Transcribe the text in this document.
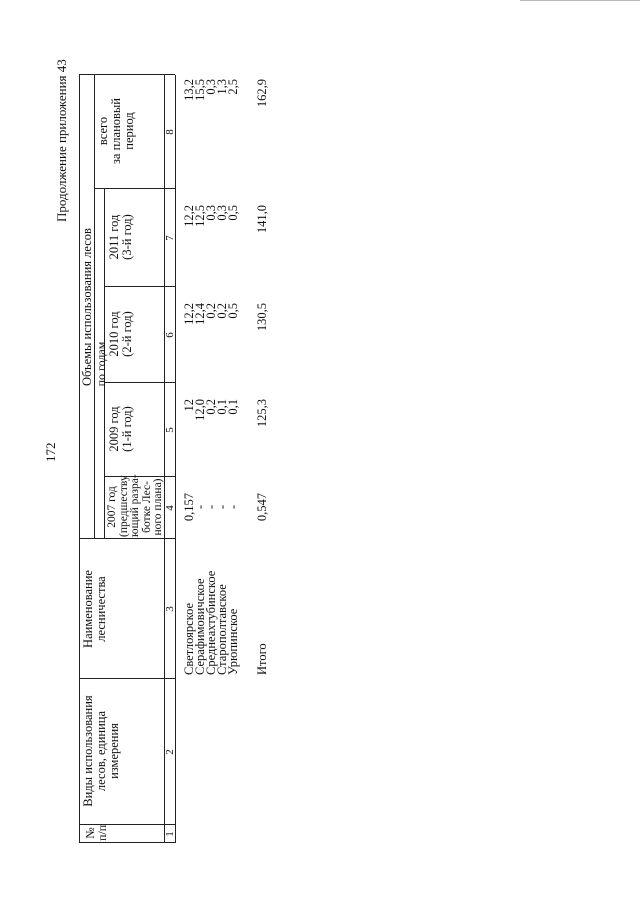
172
Продолжение приложения 43
№
п/п
Виды использования
лесов, единица
измерения
Наименование
лесничества
Объемы использования лесов по годам
2007 год
(предшеству
ющий разра-
ботке Лес-
ного плана)
2009 год
(1-й год)
2010 год
(2-й год)
2011 год
(3-й год)
всего
за плановый
период
1
2
3
4
5
6
7
8
Светлоярское
0,157
12
12,2
12,2
13,2
Серафимовичское
-
12,0
12,4
12,5
15,5
Среднеахтубинское
-
0,2
0,2
0,3
0,3
Старополтавское
-
0,1
0,2
0,3
1,3
Урюпинское
-
0,1
0,5
0,5
2,5
Итого
0,547
125,3
130,5
141,0
162,9
